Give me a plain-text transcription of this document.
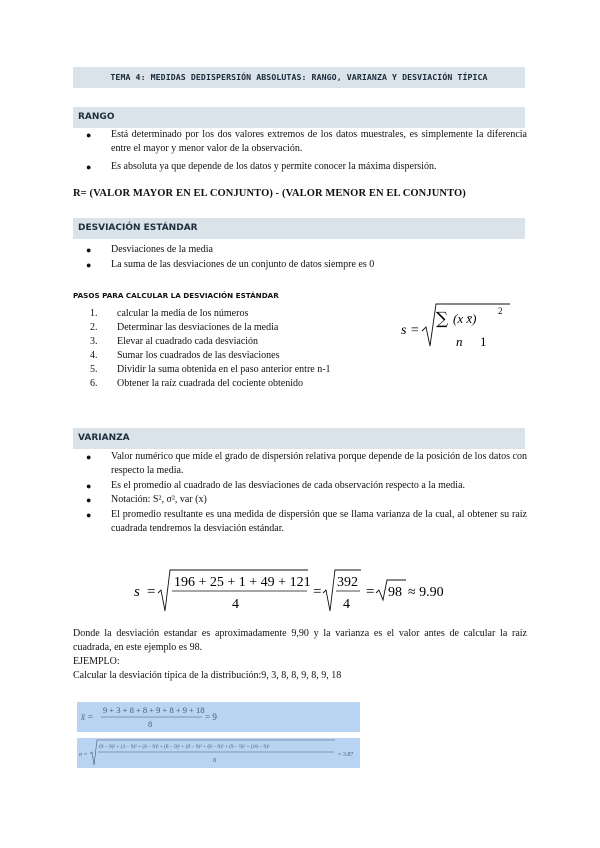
TEMA 4: MEDIDAS DEDISPERSIÓN ABSOLUTAS: RANGO, VARIANZA Y DESVIACIÓN TÍPICA
RANGO
● Está determinado por los dos valores extremos de los datos muestrales, es simplemente la diferencia entre el mayor y menor valor de la observación.
● Es absoluta ya que depende de los datos y permite conocer la máxima dispersión.
R= (VALOR MAYOR EN EL CONJUNTO) - (VALOR MENOR EN EL CONJUNTO)
DESVIACIÓN ESTÁNDAR
● Desviaciones de la media
● La suma de las desviaciones de un conjunto de datos siempre es 0
PASOS PARA CALCULAR LA DESVIACIÓN ESTÁNDAR
1. calcular la media de los números
2. Determinar las desviaciones de la media
3. Elevar al cuadrado cada desviación
4. Sumar los cuadrados de las desviaciones
5. Dividir la suma obtenida en el paso anterior entre n-1
6. Obtener la raíz cuadrada del cociente obtenido
s =
∑ (x x̄) 2
n 1
VARIANZA
● Valor numérico que mide el grado de dispersión relativa porque depende de la posición de los datos con respecto la media.
● Es el promedio al cuadrado de las desviaciones de cada observación respecto a la media.
● Notación: S², σ², var (x)
● El promedio resultante es una medida de dispersión que se llama varianza de la cual, al obtener su raíz cuadrada tendremos la desviación estándar.
s =
196 + 25 + 1 + 49 + 121
4
=
392
4
= 98 ≈ 9.90
Donde la desviación estandar es aproximadamente 9,90 y la varianza es el valor antes de calcular la raíz cuadrada, en este ejemplo es 98.
EJEMPLO:
Calcular la desviación típica de la distribución:9, 3, 8, 8, 9, 8, 9, 18
x̄ =
9 + 3 + 8 + 8 + 9 + 8 + 9 + 18
8
= 9
σ =
(9 − 9)² + (3 − 9)² + (8 − 9)² + (8 − 9)² + (9 − 9)² + (8 − 9)² + (9 − 9)² + (18 − 9)²
8
= 3.87
